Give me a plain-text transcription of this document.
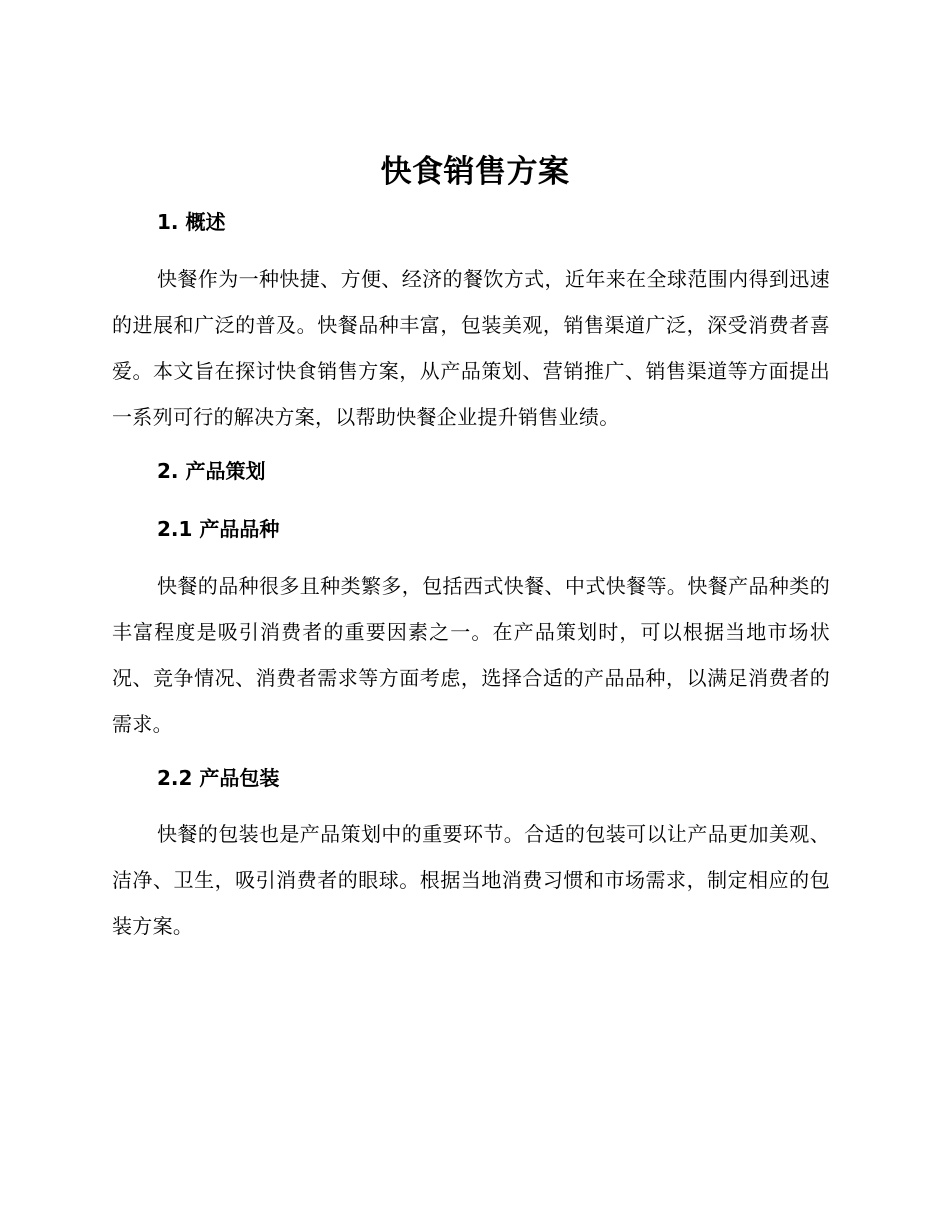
快食销售方案
1. 概述
快餐作为一种快捷、方便、经济的餐饮方式，近年来在全球范围内得到迅速的进展和广泛的普及。快餐品种丰富，包装美观，销售渠道广泛，深受消费者喜爱。本文旨在探讨快食销售方案，从产品策划、营销推广、销售渠道等方面提出一系列可行的解决方案，以帮助快餐企业提升销售业绩。
2. 产品策划
2.1 产品品种
快餐的品种很多且种类繁多，包括西式快餐、中式快餐等。快餐产品种类的丰富程度是吸引消费者的重要因素之一。在产品策划时，可以根据当地市场状况、竞争情况、消费者需求等方面考虑，选择合适的产品品种，以满足消费者的需求。
2.2 产品包装
快餐的包装也是产品策划中的重要环节。合适的包装可以让产品更加美观、洁净、卫生，吸引消费者的眼球。根据当地消费习惯和市场需求，制定相应的包装方案。
